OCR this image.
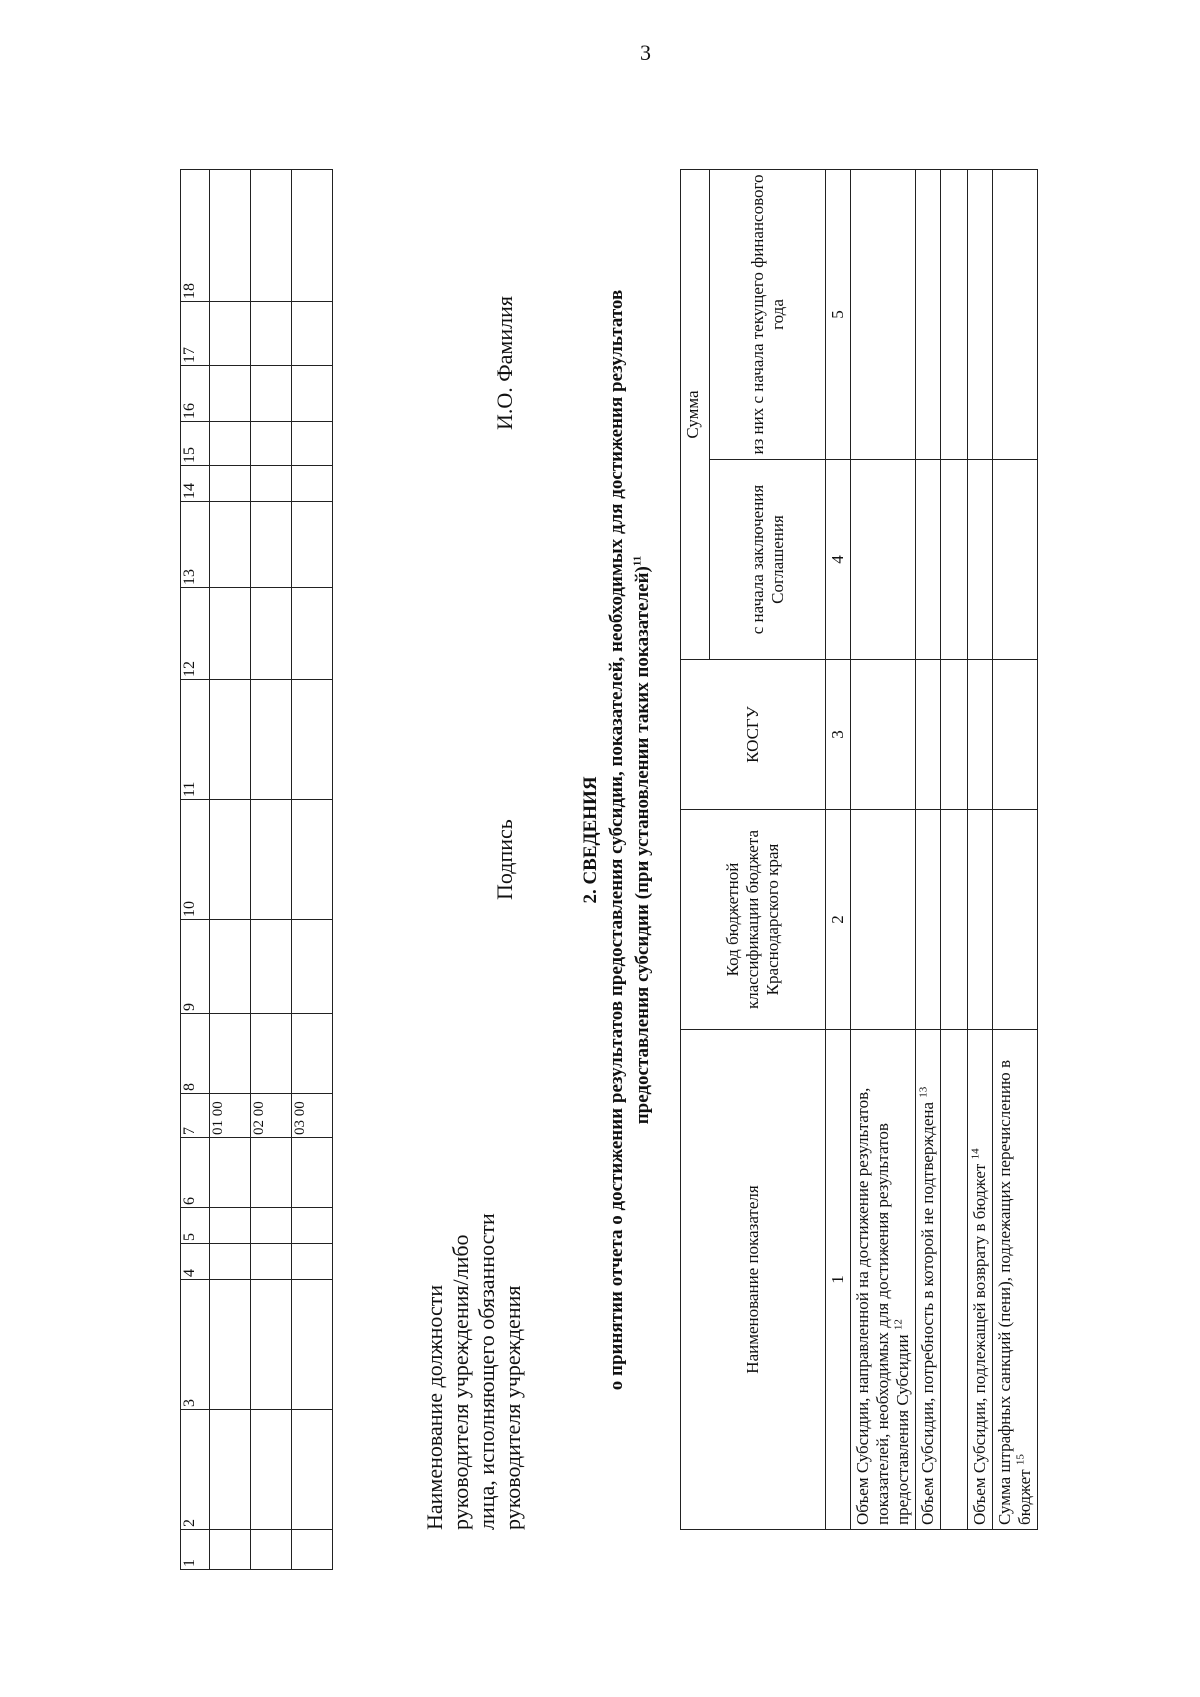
3
1	2	3	4	5	6	7	8	9	10	11	12	13	14	15	16	17	18
						01 00											
						02 00											
						03 00											
Наименование должности руководителя учреждения/либо лица, исполняющего обязанности руководителя учреждения
Подпись
И.О. Фамилия
2. СВЕДЕНИЯ о принятии отчета о достижении результатов предоставления субсидии, показателей, необходимых для достижения результатов предоставления субсидии (при установлении таких показателей)$^{11}$
Наименование показателя	Код бюджетной классификации бюджета Краснодарского края	КОСГУ	Сумма	
			с начала заключения Соглашения	из них с начала текущего финансового года
1	2	3	4	5
Объем Субсидии, направленной на достижение результатов, показателей, необходимых для достижения результатов предоставления Субсидии $^{12}$				
Объем Субсидии, потребность в которой не подтверждена $^{13}$				

Объем Субсидии, подлежащей возврату в бюджет $^{14}$				
Сумма штрафных санкций (пени), подлежащих перечислению в бюджет $^{15}$				
